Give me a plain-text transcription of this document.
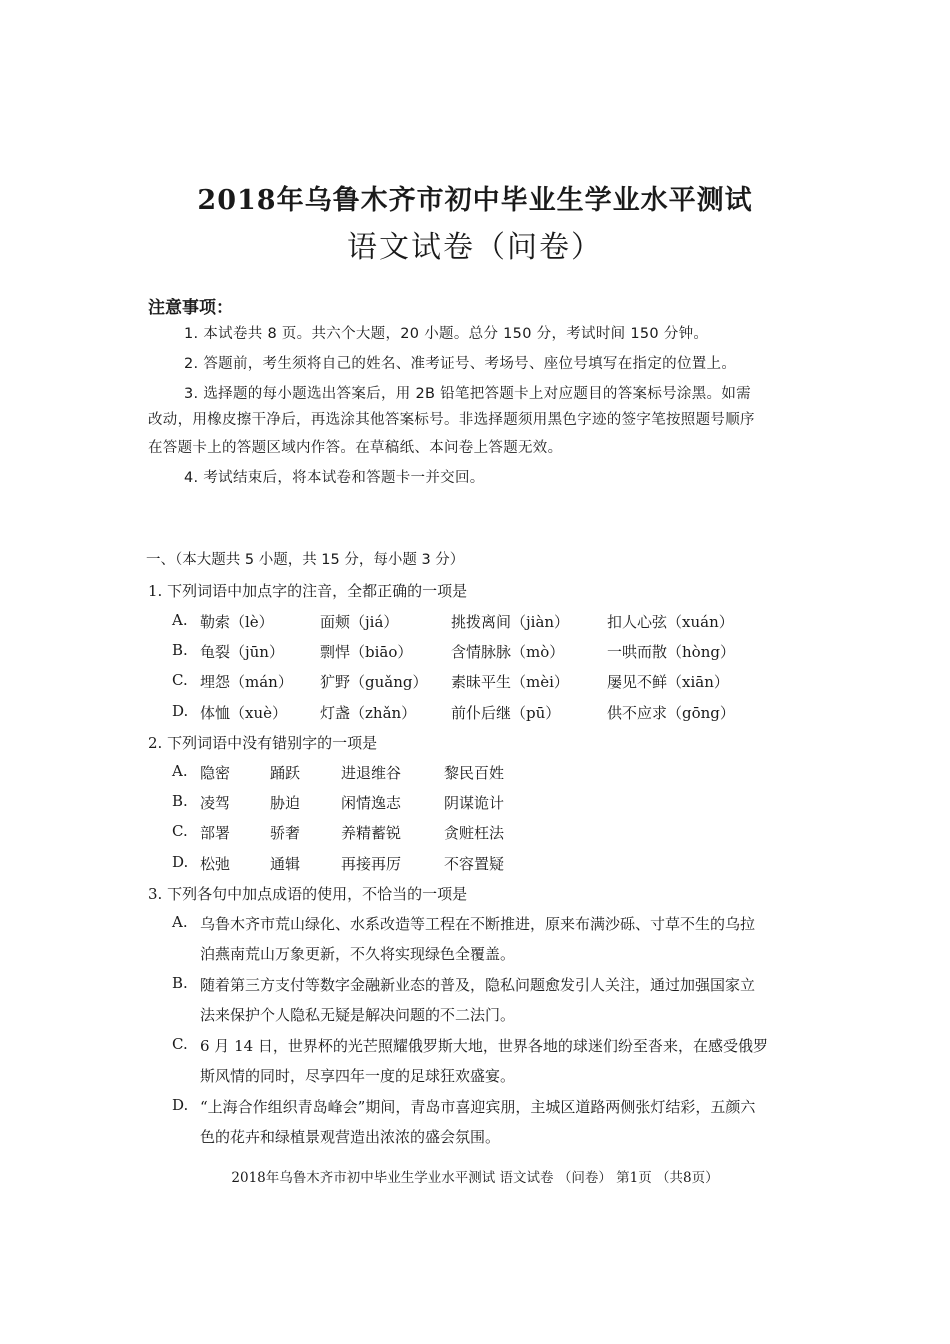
2018年乌鲁木齐市初中毕业生学业水平测试
语文试卷（问卷）
注意事项：
1. 本试卷共 8 页。共六个大题，20 小题。总分 150 分，考试时间 150 分钟。
2. 答题前，考生须将自己的姓名、准考证号、考场号、座位号填写在指定的位置上。
3. 选择题的每小题选出答案后，用 2B 铅笔把答题卡上对应题目的答案标号涂黑。如需
改动，用橡皮擦干净后，再选涂其他答案标号。非选择题须用黑色字迹的签字笔按照题号顺序
在答题卡上的答题区域内作答。在草稿纸、本问卷上答题无效。
4. 考试结束后，将本试卷和答题卡一并交回。
一、（本大题共 5 小题，共 15 分，每小题 3 分）
1. 下列词语中加点字的注音，全都正确的一项是
A. 勒索（lè）	面颊（jiá）	挑拨离间（jiàn）	扣人心弦（xuán）
B. 龟裂（jūn） 剽悍（biāo）	含情脉脉（mò）	一哄而散（hòng）
C. 埋怨（mán） 犷野（guǎng） 素昧平生（mèi）	屡见不鲜（xiān）
D. 体恤（xuè） 灯盏（zhǎn） 前仆后继（pū）	供不应求（gōng）
2. 下列词语中没有错别字的一项是
A. 隐密	踊跃	进退维谷	黎民百姓
B. 凌驾	胁迫	闲情逸志	阴谋诡计
C. 部署	骄奢	养精蓄锐	贪赃枉法
D. 松弛	通辑	再接再厉	不容置疑
3. 下列各句中加点成语的使用，不恰当的一项是
A. 乌鲁木齐市荒山绿化、水系改造等工程在不断推进，原来布满沙砾、寸草不生的乌拉
泊燕南荒山万象更新，不久将实现绿色全覆盖。
B. 随着第三方支付等数字金融新业态的普及，隐私问题愈发引人关注，通过加强国家立
法来保护个人隐私无疑是解决问题的不二法门。
C. 6 月 14 日，世界杯的光芒照耀俄罗斯大地，世界各地的球迷们纷至沓来，在感受俄罗
斯风情的同时，尽享四年一度的足球狂欢盛宴。
D. “上海合作组织青岛峰会”期间，青岛市喜迎宾朋，主城区道路两侧张灯结彩，五颜六
色的花卉和绿植景观营造出浓浓的盛会氛围。
2018年乌鲁木齐市初中毕业生学业水平测试 语文试卷 （问卷） 第1页 （共8页）
